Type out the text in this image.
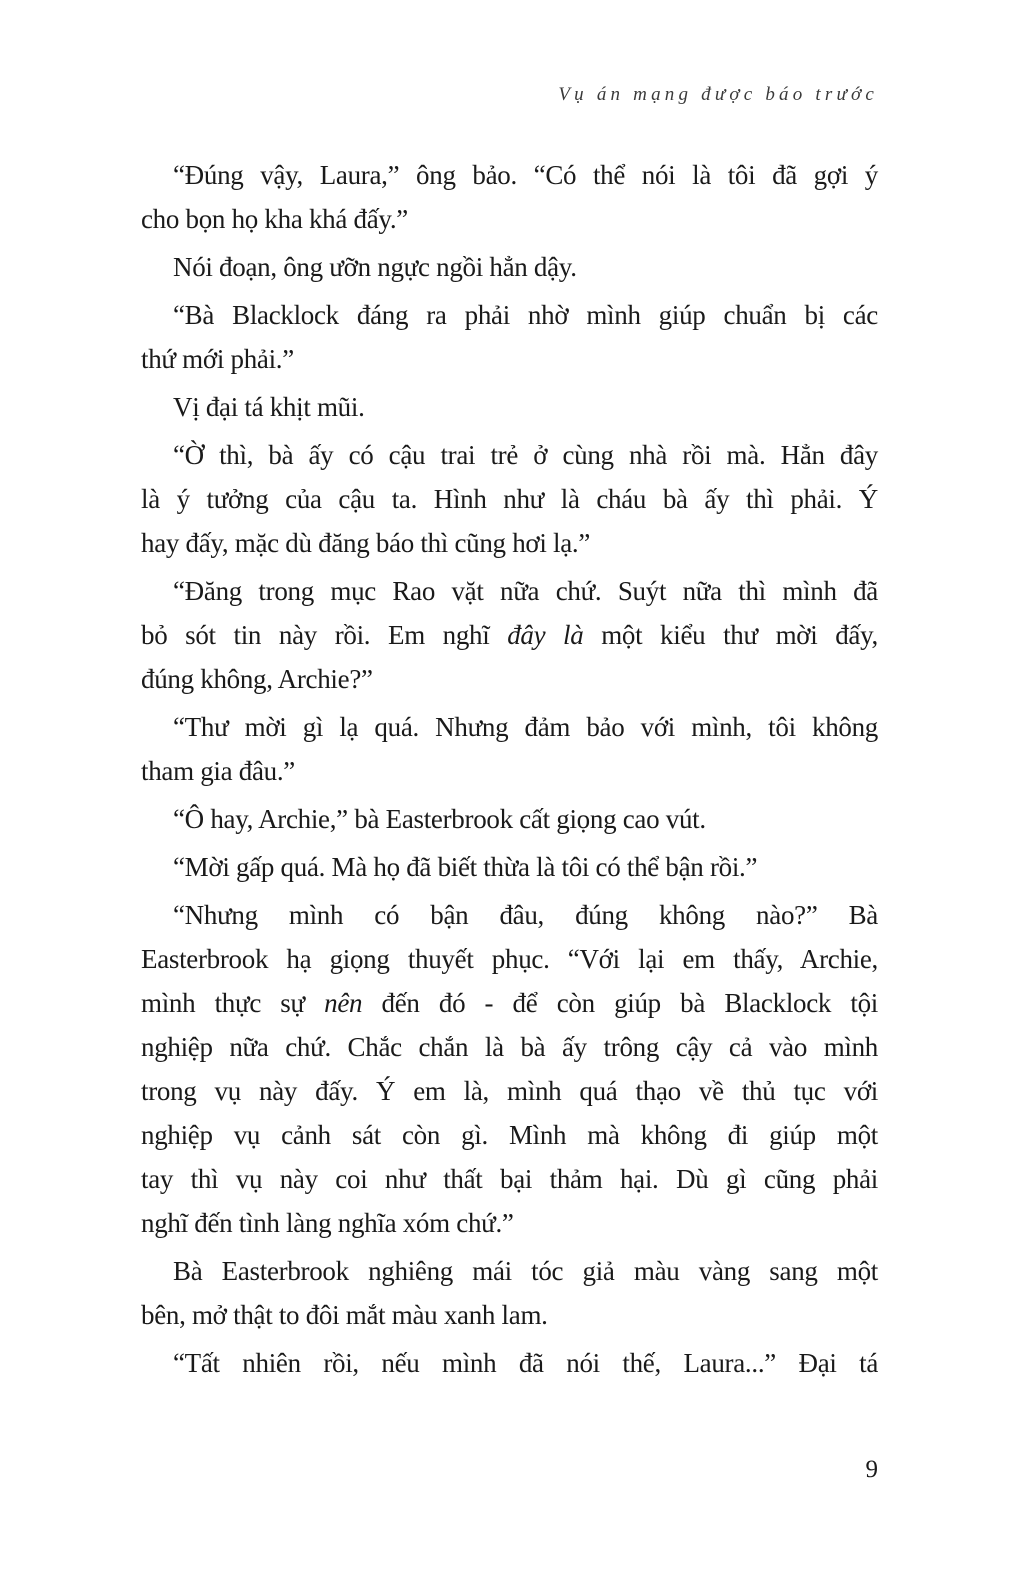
Vụ án mạng được báo trước
“Đúng vậy, Laura,” ông bảo. “Có thể nói là tôi đã gợi ý
cho bọn họ kha khá đấy.”
Nói đoạn, ông ưỡn ngực ngồi hẳn dậy.
“Bà Blacklock đáng ra phải nhờ mình giúp chuẩn bị các
thứ mới phải.”
Vị đại tá khịt mũi.
“Ờ thì, bà ấy có cậu trai trẻ ở cùng nhà rồi mà. Hẳn đây
là ý tưởng của cậu ta. Hình như là cháu bà ấy thì phải. Ý
hay đấy, mặc dù đăng báo thì cũng hơi lạ.”
“Đăng trong mục Rao vặt nữa chứ. Suýt nữa thì mình đã
bỏ sót tin này rồi. Em nghĩ đây là một kiểu thư mời đấy,
đúng không, Archie?”
“Thư mời gì lạ quá. Nhưng đảm bảo với mình, tôi không
tham gia đâu.”
“Ô hay, Archie,” bà Easterbrook cất giọng cao vút.
“Mời gấp quá. Mà họ đã biết thừa là tôi có thể bận rồi.”
“Nhưng mình có bận đâu, đúng không nào?” Bà
Easterbrook hạ giọng thuyết phục. “Với lại em thấy, Archie,
mình thực sự nên đến đó - để còn giúp bà Blacklock tội
nghiệp nữa chứ. Chắc chắn là bà ấy trông cậy cả vào mình
trong vụ này đấy. Ý em là, mình quá thạo về thủ tục với
nghiệp vụ cảnh sát còn gì. Mình mà không đi giúp một
tay thì vụ này coi như thất bại thảm hại. Dù gì cũng phải
nghĩ đến tình làng nghĩa xóm chứ.”
Bà Easterbrook nghiêng mái tóc giả màu vàng sang một
bên, mở thật to đôi mắt màu xanh lam.
“Tất nhiên rồi, nếu mình đã nói thế, Laura...” Đại tá
9
